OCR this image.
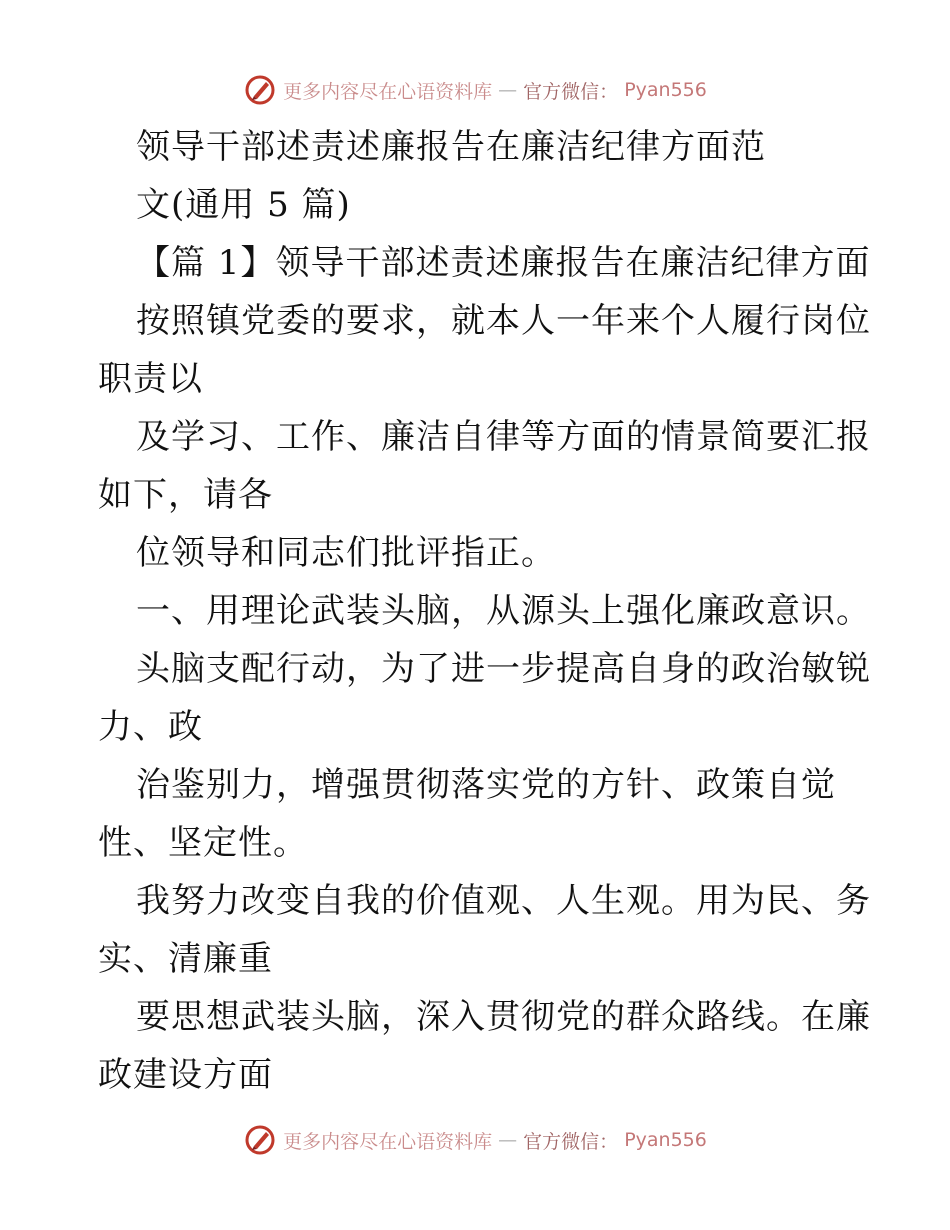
更多内容尽在心语资料库 — 官方微信： Pyan556
领导干部述责述廉报告在廉洁纪律方面范
文(通用 5 篇)
【篇 1】领导干部述责述廉报告在廉洁纪律方面
按照镇党委的要求，就本人一年来个人履行岗位
职责以
及学习、工作、廉洁自律等方面的情景简要汇报
如下，请各
位领导和同志们批评指正。
一、用理论武装头脑，从源头上强化廉政意识。
头脑支配行动，为了进一步提高自身的政治敏锐
力、政
治鉴别力，增强贯彻落实党的方针、政策自觉
性、坚定性。
我努力改变自我的价值观、人生观。用为民、务
实、清廉重
要思想武装头脑，深入贯彻党的群众路线。在廉
政建设方面
更多内容尽在心语资料库 — 官方微信： Pyan556
